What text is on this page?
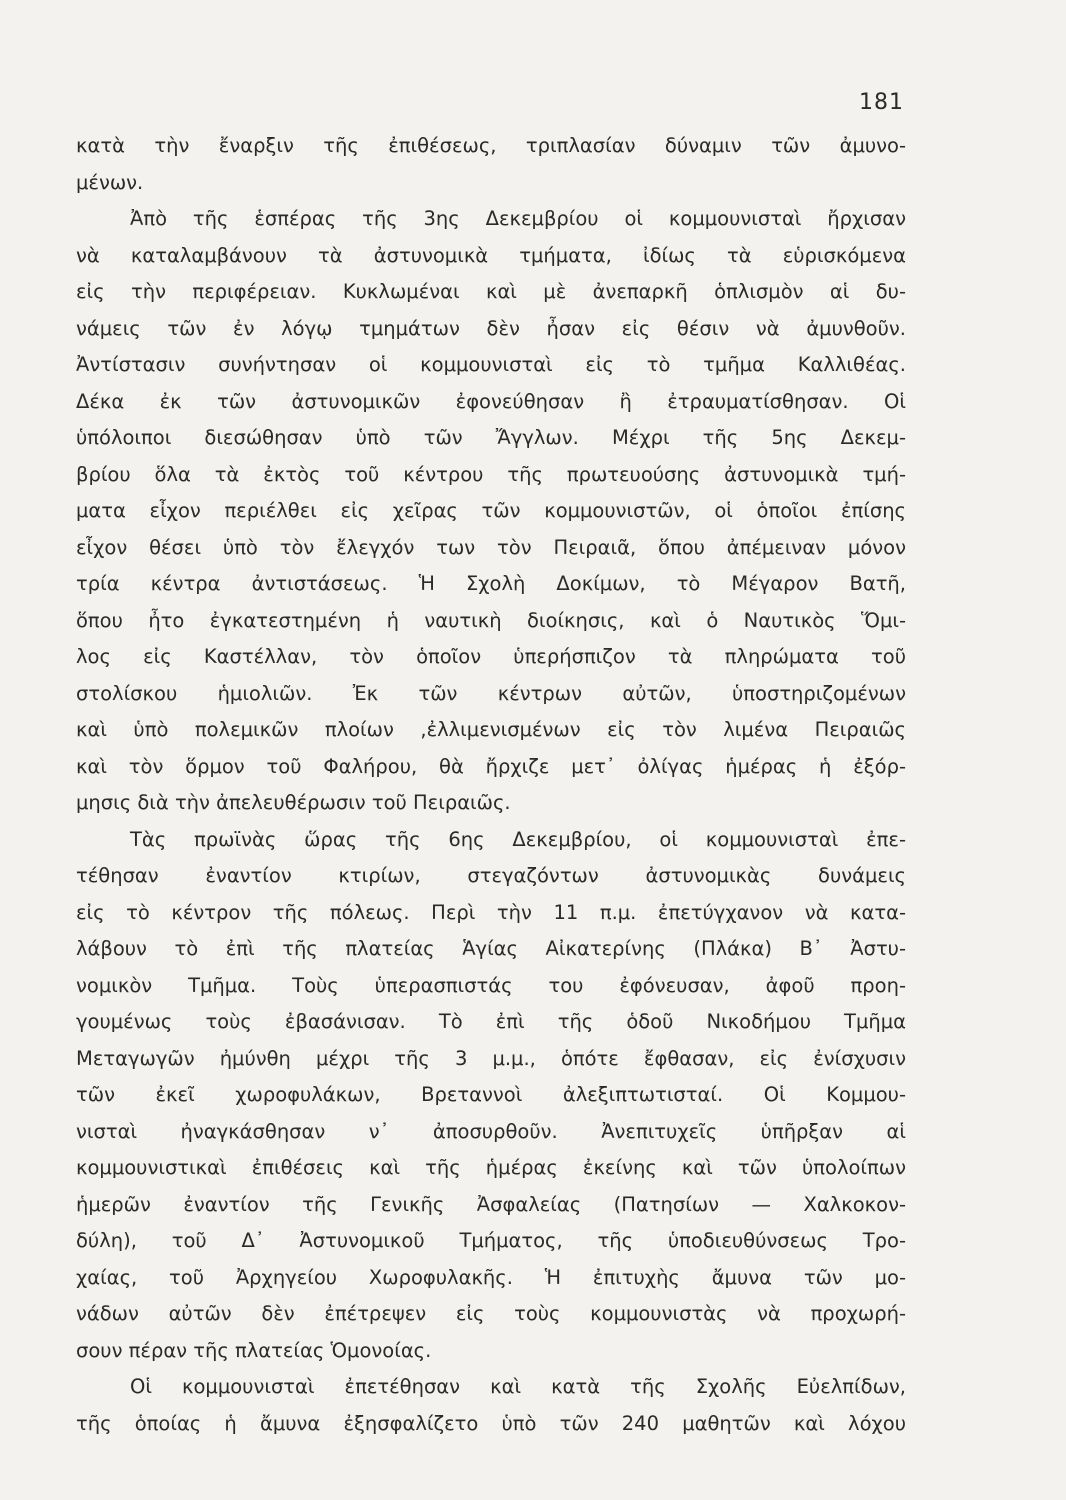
181
κατὰ τὴν ἔναρξιν τῆς ἐπιθέσεως, τριπλασίαν δύναμιν τῶν ἀμυνο-
μένων.
Ἀπὸ τῆς ἑσπέρας τῆς 3ης Δεκεμβρίου οἱ κομμουνισταὶ ἤρχισαν
νὰ καταλαμβάνουν τὰ ἀστυνομικὰ τμήματα, ἰδίως τὰ εὑρισκόμενα
εἰς τὴν περιφέρειαν. Κυκλωμέναι καὶ μὲ ἀνεπαρκῆ ὁπλισμὸν αἱ δυ-
νάμεις τῶν ἐν λόγῳ τμημάτων δὲν ἦσαν εἰς θέσιν νὰ ἀμυνθοῦν.
Ἀντίστασιν συνήντησαν οἱ κομμουνισταὶ εἰς τὸ τμῆμα Καλλιθέας.
Δέκα ἐκ τῶν ἀστυνομικῶν ἐφονεύθησαν ἢ ἐτραυματίσθησαν. Οἱ
ὑπόλοιποι διεσώθησαν ὑπὸ τῶν Ἄγγλων. Μέχρι τῆς 5ης Δεκεμ-
βρίου ὅλα τὰ ἐκτὸς τοῦ κέντρου τῆς πρωτευούσης ἀστυνομικὰ τμή-
ματα εἶχον περιέλθει εἰς χεῖρας τῶν κομμουνιστῶν, οἱ ὁποῖοι ἐπίσης
εἶχον θέσει ὑπὸ τὸν ἔλεγχόν των τὸν Πειραιᾶ, ὅπου ἀπέμειναν μόνον
τρία κέντρα ἀντιστάσεως. Ἡ Σχολὴ Δοκίμων, τὸ Μέγαρον Βατῆ,
ὅπου ἦτο ἐγκατεστημένη ἡ ναυτικὴ διοίκησις, καὶ ὁ Ναυτικὸς Ὅμι-
λος εἰς Καστέλλαν, τὸν ὁποῖον ὑπερήσπιζον τὰ πληρώματα τοῦ
στολίσκου ἡμιολιῶν. Ἐκ τῶν κέντρων αὐτῶν, ὑποστηριζομένων
καὶ ὑπὸ πολεμικῶν πλοίων ,ἐλλιμενισμένων εἰς τὸν λιμένα Πειραιῶς
καὶ τὸν ὅρμον τοῦ Φαλήρου, θὰ ἤρχιζε μετ᾽ ὀλίγας ἡμέρας ἡ ἐξόρ-
μησις διὰ τὴν ἀπελευθέρωσιν τοῦ Πειραιῶς.
Τὰς πρωϊνὰς ὥρας τῆς 6ης Δεκεμβρίου, οἱ κομμουνισταὶ ἐπε-
τέθησαν ἐναντίον κτιρίων, στεγαζόντων ἀστυνομικὰς δυνάμεις
εἰς τὸ κέντρον τῆς πόλεως. Περὶ τὴν 11 π.μ. ἐπετύγχανον νὰ κατα-
λάβουν τὸ ἐπὶ τῆς πλατείας Ἁγίας Αἰκατερίνης (Πλάκα) Β᾽ Ἀστυ-
νομικὸν Τμῆμα. Τοὺς ὑπερασπιστάς του ἐφόνευσαν, ἀφοῦ προη-
γουμένως τοὺς ἐβασάνισαν. Τὸ ἐπὶ τῆς ὁδοῦ Νικοδήμου Τμῆμα
Μεταγωγῶν ἠμύνθη μέχρι τῆς 3 μ.μ., ὁπότε ἔφθασαν, εἰς ἐνίσχυσιν
τῶν ἐκεῖ χωροφυλάκων, Βρεταννοὶ ἀλεξιπτωτισταί. Οἱ Κομμου-
νισταὶ ἠναγκάσθησαν ν᾽ ἀποσυρθοῦν. Ἀνεπιτυχεῖς ὑπῆρξαν αἱ
κομμουνιστικαὶ ἐπιθέσεις καὶ τῆς ἡμέρας ἐκείνης καὶ τῶν ὑπολοίπων
ἡμερῶν ἐναντίον τῆς Γενικῆς Ἀσφαλείας (Πατησίων — Χαλκοκον-
δύλη), τοῦ Δ᾽ Ἀστυνομικοῦ Τμήματος, τῆς ὑποδιευθύνσεως Τρο-
χαίας, τοῦ Ἀρχηγείου Χωροφυλακῆς. Ἡ ἐπιτυχὴς ἄμυνα τῶν μο-
νάδων αὐτῶν δὲν ἐπέτρεψεν εἰς τοὺς κομμουνιστὰς νὰ προχωρή-
σουν πέραν τῆς πλατείας Ὁμονοίας.
Οἱ κομμουνισταὶ ἐπετέθησαν καὶ κατὰ τῆς Σχολῆς Εὐελπίδων,
τῆς ὁποίας ἡ ἄμυνα ἐξησφαλίζετο ὑπὸ τῶν 240 μαθητῶν καὶ λόχου
